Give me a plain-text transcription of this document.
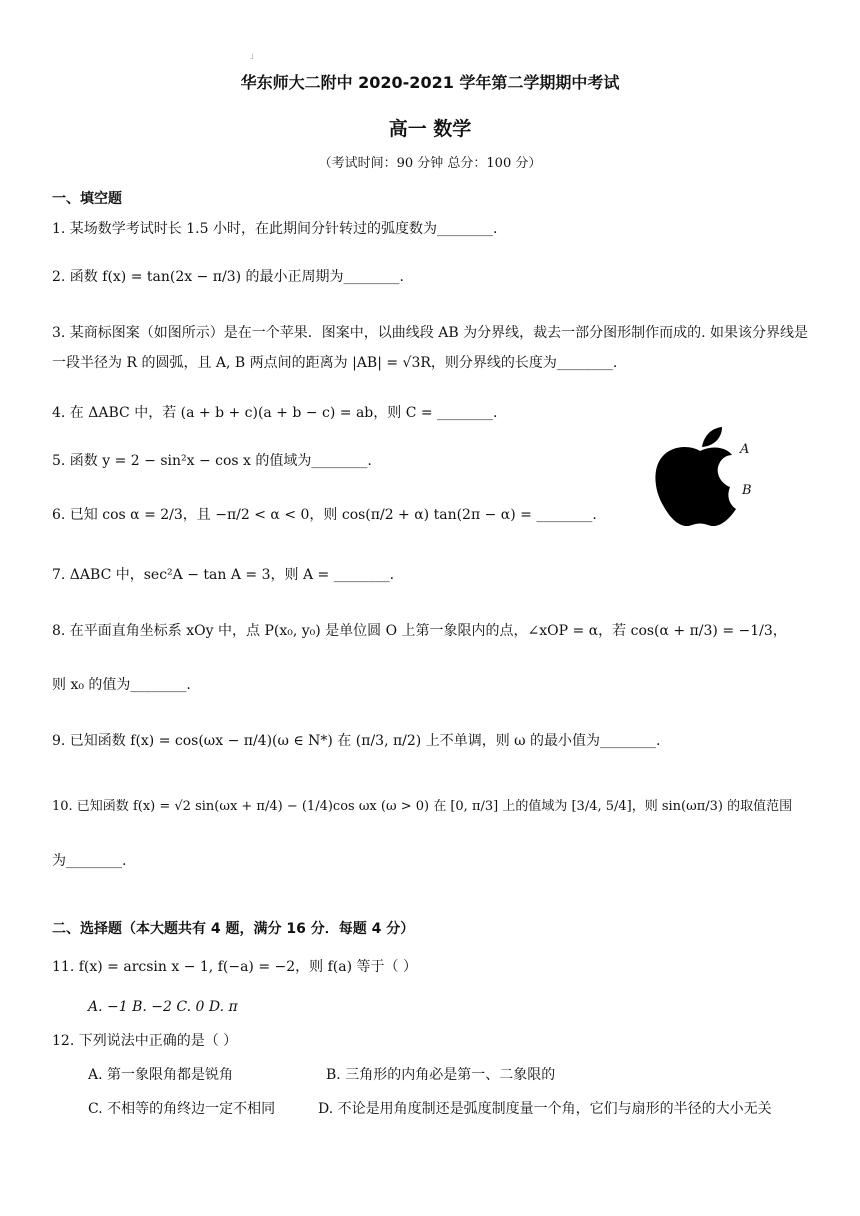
」
华东师大二附中 2020-2021 学年第二学期期中考试
高一 数学
（考试时间：90 分钟 总分：100 分）
一、填空题
1. 某场数学考试时长 1.5 小时，在此期间分针转过的弧度数为________.
2. 函数 f(x) = tan(2x − π/3) 的最小正周期为________.
3. 某商标图案（如图所示）是在一个苹果．图案中，以曲线段 AB 为分界线，裁去一部分图形制作而成的. 如果该分界线是一段半径为 R 的圆弧，且 A, B 两点间的距离为 |AB| = √3R，则分界线的长度为________.
4. 在 ΔABC 中，若 (a + b + c)(a + b − c) = ab，则 C = ________.
5. 函数 y = 2 − sin²x − cos x 的值域为________.
6. 已知 cos α = 2/3，且 −π/2 < α < 0，则 cos(π/2 + α) tan(2π − α) = ________.
7. ΔABC 中，sec²A − tan A = 3，则 A = ________.
8. 在平面直角坐标系 xOy 中，点 P(x₀, y₀) 是单位圆 O 上第一象限内的点，∠xOP = α，若 cos(α + π/3) = −1/3，
则 x₀ 的值为________.
9. 已知函数 f(x) = cos(ωx − π/4)(ω ∈ N*) 在 (π/3, π/2) 上不单调，则 ω 的最小值为________.
10. 已知函数 f(x) = √2 sin(ωx + π/4) − (1/4)cos ωx (ω > 0) 在 [0, π/3] 上的值域为 [3/4, 5/4]，则 sin(ωπ/3) 的取值范围
为________.
二、选择题（本大题共有 4 题，满分 16 分．每题 4 分）
11. f(x) = arcsin x − 1, f(−a) = −2，则 f(a) 等于（ ）
A. −1 B. −2 C. 0 D. π
12. 下列说法中正确的是（ ）
A. 第一象限角都是锐角	B. 三角形的内角必是第一、二象限的
C. 不相等的角终边一定不相同	D. 不论是用角度制还是弧度制度量一个角，它们与扇形的半径的大小无关
A
B
